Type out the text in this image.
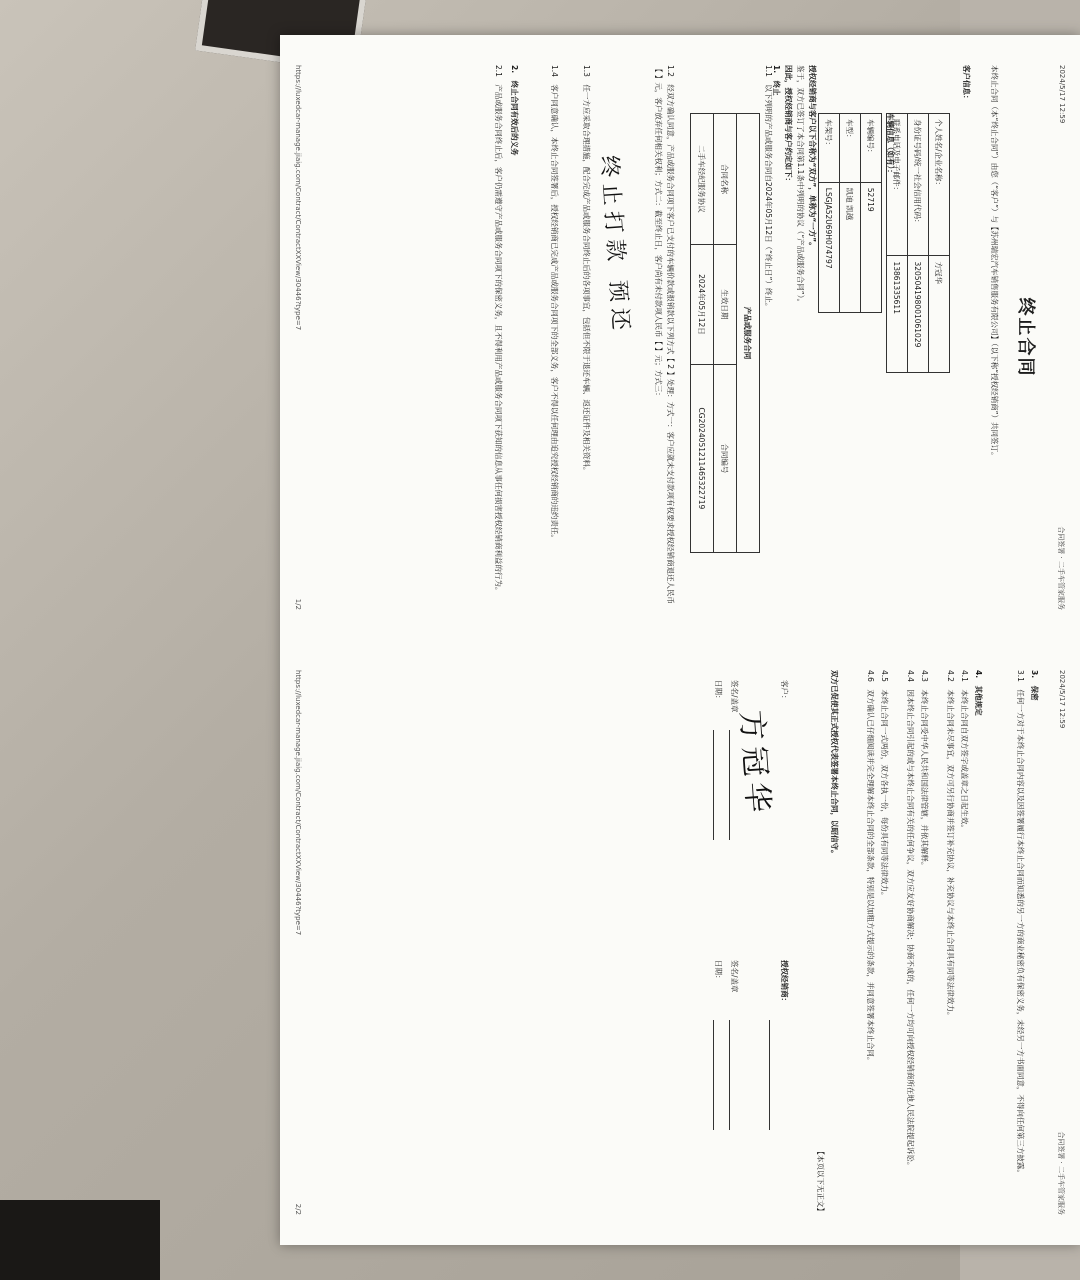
2024/5/17 12:59
合同签署 · 二手车管家服务
终止合同
本终止合同（本“终止合同”）由您（“客户”）与【苏州瑞宏汽车销售服务有限公司】（以下称“授权经销商”）共同签订。
客户信息：
个人姓名/企业名称：	方冠华
身份证号码/统一社会信用代码：	320504198001061029
联系电话及电子邮件：	13861335611
车辆信息（如有）：
车辆编号：	52719
车型：	凯迪 凯越
车架号：	LSGJA52U69H074797
授权经销商与客户以下合称为“双方”，单称为“一方”。
鉴于，双方已签订了本合同第1.1条中列明的协议（“产品或服务合同”）。
因此，授权经销商与客户约定如下：
1.　终止
1.1　以下列明的产品或服务合同自2024年05月12日（“终止日”）终止。
产品或服务合同		
合同名称	生效日期	合同编号
二手车经纪服务协议	2024年05月12日	CG2024051211465322719
1.2　经双方确认同意，产品或服务合同项下客户已支付的车辆价款或报销款以下列方式【 2 】处理：方式一：客户应就未支付款项有权要求授权经销商退还人民币【 】元，客户放弃任何相关权利；方式二：截至终止日，客户尚有未付款项人民币【 】元；方式三：
终止打款 预还
1.3　任一方应采取合理措施，配合完成产品或服务合同终止后的各项事宜，包括但不限于退还车辆、返还证件及相关资料。
1.4　客户同意确认，本终止合同签署后，授权经销商已完成产品或服务合同项下的全部义务，客户不得以任何理由追究授权经销商的违约责任。
2.　终止合同有效后的义务
2.1　产品或服务合同终止后，客户仍需遵守产品或服务合同项下的保密义务，且不得利用产品或服务合同项下获知的信息从事任何损害授权经销商利益的行为。
https://luxedcar-manage.jiaig.com/Contract/ContractXXView/30446?type=7
1/2
2024/5/17 12:59
合同签署 · 二手车管家服务
3.　保密
3.1　任何一方对于本终止合同内容以及因签署履行本终止合同而知悉的另一方的商业秘密负有保密义务，未经另一方书面同意，不得向任何第三方披露。
4.　其他规定
4.1　本终止合同自双方签字或盖章之日起生效。
4.2　本终止合同未尽事宜，双方可另行协商并签订补充协议，补充协议与本终止合同具有同等法律效力。
4.3　本终止合同受中华人民共和国法律管辖，并依其解释。
4.4　因本终止合同引起的或与本终止合同有关的任何争议，双方应友好协商解决；协商不成的，任何一方均可向授权经销商所在地人民法院提起诉讼。
4.5　本终止合同一式两份，双方各执一份，每份具有同等法律效力。
4.6　双方确认已仔细阅读并完全理解本终止合同的全部条款，特别是以加粗方式提示的条款，并同意签署本终止合同。
双方已促使其正式授权代表签署本终止合同，以昭信守。
【本页以下无正文】
客户：
方冠华
签名/盖章
日期：
授权经销商：
签名/盖章
日期：
https://luxedcar-manage.jiaig.com/Contract/ContractXXView/30446?type=7
2/2
